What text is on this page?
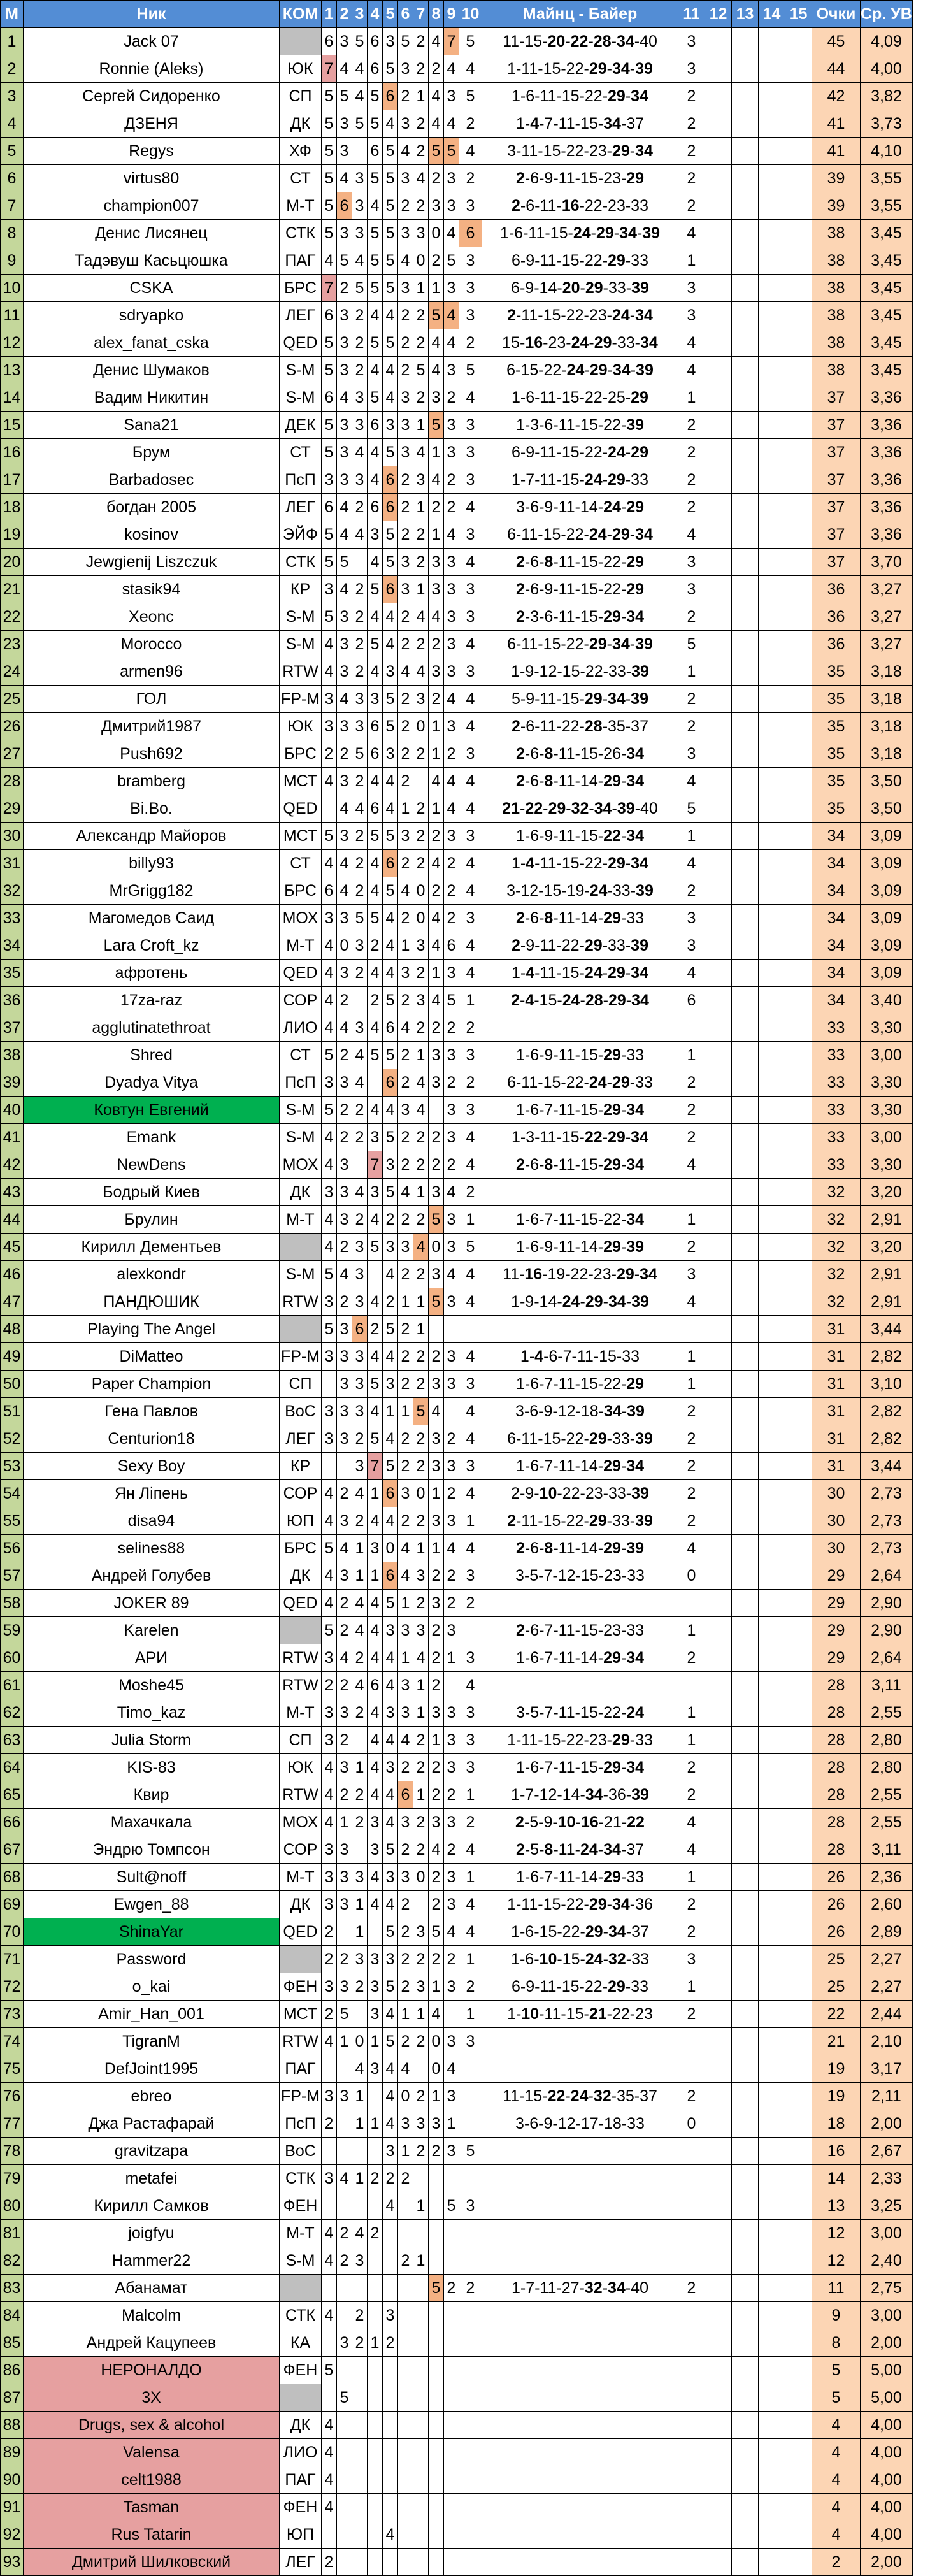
М	Ник	КОМ	1	2	3	4	5	6	7	8	9	10	Майнц - Байер	11	12	13	14	15	Очки	Ср. УВ
1	Jack 07		6	3	5	6	3	5	2	4	7	5	11-15-20-22-28-34-40	3					45	4,09
2	Ronnie (Aleks)	ЮК	7	4	4	6	5	3	2	2	4	4	1-11-15-22-29-34-39	3					44	4,00
3	Сергей Сидоренко	СП	5	5	4	5	6	2	1	4	3	5	1-6-11-15-22-29-34	2					42	3,82
4	ДЗЕНЯ	ДК	5	3	5	5	4	3	2	4	4	2	1-4-7-11-15-34-37	2					41	3,73
5	Regys	ХФ	5	3		6	5	4	2	5	5	4	3-11-15-22-23-29-34	2					41	4,10
6	virtus80	СТ	5	4	3	5	5	3	4	2	3	2	2-6-9-11-15-23-29	2					39	3,55
7	champion007	М-Т	5	6	3	4	5	2	2	3	3	3	2-6-11-16-22-23-33	2					39	3,55
8	Денис Лисянец	СТК	5	3	3	5	5	3	3	0	4	6	1-6-11-15-24-29-34-39	4					38	3,45
9	Тадэвуш Касьцюшка	ПАГ	4	5	4	5	5	4	0	2	5	3	6-9-11-15-22-29-33	1					38	3,45
10	CSKA	БРС	7	2	5	5	5	3	1	1	3	3	6-9-14-20-29-33-39	3					38	3,45
11	sdryapko	ЛЕГ	6	3	2	4	4	2	2	5	4	3	2-11-15-22-23-24-34	3					38	3,45
12	alex_fanat_cska	QED	5	3	2	5	5	2	2	4	4	2	15-16-23-24-29-33-34	4					38	3,45
13	Денис Шумаков	S-M	5	3	2	4	4	2	5	4	3	5	6-15-22-24-29-34-39	4					38	3,45
14	Вадим Никитин	S-M	6	4	3	5	4	3	2	3	2	4	1-6-11-15-22-25-29	1					37	3,36
15	Sana21	ДЕК	5	3	3	6	3	3	1	5	3	3	1-3-6-11-15-22-39	2					37	3,36
16	Брум	СТ	5	3	4	4	5	3	4	1	3	3	6-9-11-15-22-24-29	2					37	3,36
17	Barbadosec	ПсП	3	3	3	4	6	2	3	4	2	3	1-7-11-15-24-29-33	2					37	3,36
18	богдан 2005	ЛЕГ	6	4	2	6	6	2	1	2	2	4	3-6-9-11-14-24-29	2					37	3,36
19	kosinov	ЭЙФ	5	4	4	3	5	2	2	1	4	3	6-11-15-22-24-29-34	4					37	3,36
20	Jewgienij Liszczuk	СТК	5	5		4	5	3	2	3	3	4	2-6-8-11-15-22-29	3					37	3,70
21	stasik94	КР	3	4	2	5	6	3	1	3	3	3	2-6-9-11-15-22-29	3					36	3,27
22	Xeonc	S-M	5	3	2	4	4	2	4	4	3	3	2-3-6-11-15-29-34	2					36	3,27
23	Morocco	S-M	4	3	2	5	4	2	2	2	3	4	6-11-15-22-29-34-39	5					36	3,27
24	armen96	RTW	4	3	2	4	3	4	4	3	3	3	1-9-12-15-22-33-39	1					35	3,18
25	ГОЛ	FP-M	3	4	3	3	5	2	3	2	4	4	5-9-11-15-29-34-39	2					35	3,18
26	Дмитрий1987	ЮК	3	3	3	6	5	2	0	1	3	4	2-6-11-22-28-35-37	2					35	3,18
27	Push692	БРС	2	2	5	6	3	2	2	1	2	3	2-6-8-11-15-26-34	3					35	3,18
28	bramberg	МСТ	4	3	2	4	4	2		4	4	4	2-6-8-11-14-29-34	4					35	3,50
29	Bi.Bo.	QED		4	4	6	4	1	2	1	4	4	21-22-29-32-34-39-40	5					35	3,50
30	Александр Майоров	МСТ	5	3	2	5	5	3	2	2	3	3	1-6-9-11-15-22-34	1					34	3,09
31	billy93	СТ	4	4	2	4	6	2	2	4	2	4	1-4-11-15-22-29-34	4					34	3,09
32	MrGrigg182	БРС	6	4	2	4	5	4	0	2	2	4	3-12-15-19-24-33-39	2					34	3,09
33	Магомедов Саид	МОХ	3	3	5	5	4	2	0	4	2	3	2-6-8-11-14-29-33	3					34	3,09
34	Lara Croft_kz	М-Т	4	0	3	2	4	1	3	4	6	4	2-9-11-22-29-33-39	3					34	3,09
35	афротень	QED	4	3	2	4	4	3	2	1	3	4	1-4-11-15-24-29-34	4					34	3,09
36	17za-raz	СОР	4	2		2	5	2	3	4	5	1	2-4-15-24-28-29-34	6					34	3,40
37	agglutinatethroat	ЛИО	4	4	3	4	6	4	2	2	2	2							33	3,30
38	Shred	СТ	5	2	4	5	5	2	1	3	3	3	1-6-9-11-15-29-33	1					33	3,00
39	Dyadya Vitya	ПсП	3	3	4		6	2	4	3	2	2	6-11-15-22-24-29-33	2					33	3,30
40	Ковтун Евгений	S-M	5	2	2	4	4	3	4		3	3	1-6-7-11-15-29-34	2					33	3,30
41	Emank	S-M	4	2	2	3	5	2	2	2	3	4	1-3-11-15-22-29-34	2					33	3,00
42	NewDens	МОХ	4	3		7	3	2	2	2	2	4	2-6-8-11-15-29-34	4					33	3,30
43	Бодрый Киев	ДК	3	3	4	3	5	4	1	3	4	2							32	3,20
44	Брулин	М-Т	4	3	2	4	2	2	2	5	3	1	1-6-7-11-15-22-34	1					32	2,91
45	Кирилл Дементьев		4	2	3	5	3	3	4	0	3	5	1-6-9-11-14-29-39	2					32	3,20
46	alexkondr	S-M	5	4	3		4	2	2	3	4	4	11-16-19-22-23-29-34	3					32	2,91
47	ПАНДЮШИК	RTW	3	2	3	4	2	1	1	5	3	4	1-9-14-24-29-34-39	4					32	2,91
48	Playing The Angel		5	3	6	2	5	2	1										31	3,44
49	DiMatteo	FP-M	3	3	3	4	4	2	2	2	3	4	1-4-6-7-11-15-33	1					31	2,82
50	Paper Champion	СП		3	3	5	3	2	2	3	3	3	1-6-7-11-15-22-29	1					31	3,10
51	Гена Павлов	BoC	3	3	3	4	1	1	5	4		4	3-6-9-12-18-34-39	2					31	2,82
52	Centurion18	ЛЕГ	3	3	2	5	4	2	2	3	2	4	6-11-15-22-29-33-39	2					31	2,82
53	Sexy Boy	КР			3	7	5	2	2	3	3	3	1-6-7-11-14-29-34	2					31	3,44
54	Ян Ліпень	СОР	4	2	4	1	6	3	0	1	2	4	2-9-10-22-23-33-39	2					30	2,73
55	disa94	ЮП	4	3	2	4	4	2	2	3	3	1	2-11-15-22-29-33-39	2					30	2,73
56	selines88	БРС	5	4	1	3	0	4	1	1	4	4	2-6-8-11-14-29-39	4					30	2,73
57	Андрей Голубев	ДК	4	3	1	1	6	4	3	2	2	3	3-5-7-12-15-23-33	0					29	2,64
58	JOKER 89	QED	4	2	4	4	5	1	2	3	2	2							29	2,90
59	Karelen		5	2	4	4	3	3	3	2	3		2-6-7-11-15-23-33	1					29	2,90
60	АРИ	RTW	3	4	2	4	4	1	4	2	1	3	1-6-7-11-14-29-34	2					29	2,64
61	Moshe45	RTW	2	2	4	6	4	3	1	2		4							28	3,11
62	Timo_kaz	М-Т	3	3	2	4	3	3	1	3	3	3	3-5-7-11-15-22-24	1					28	2,55
63	Julia Storm	СП	3	2		4	4	4	2	1	3	3	1-11-15-22-23-29-33	1					28	2,80
64	KIS-83	ЮК	4	3	1	4	3	2	2	2	3	3	1-6-7-11-15-29-34	2					28	2,80
65	Квир	RTW	4	2	2	4	4	6	1	2	2	1	1-7-12-14-34-36-39	2					28	2,55
66	Махачкала	МОХ	4	1	2	3	4	3	2	3	3	2	2-5-9-10-16-21-22	4					28	2,55
67	Эндрю Томпсон	СОР	3	3		3	5	2	2	4	2	4	2-5-8-11-24-34-37	4					28	3,11
68	Sult@noff	М-Т	3	3	3	4	3	3	0	2	3	1	1-6-7-11-14-29-33	1					26	2,36
69	Ewgen_88	ДК	3	3	1	4	4	2		2	3	4	1-11-15-22-29-34-36	2					26	2,60
70	ShinaYar	QED	2		1		5	2	3	5	4	4	1-6-15-22-29-34-37	2					26	2,89
71	Password		2	2	3	3	3	2	2	2	2	1	1-6-10-15-24-32-33	3					25	2,27
72	o_kai	ФЕН	3	3	2	3	5	2	3	1	3	2	6-9-11-15-22-29-33	1					25	2,27
73	Amir_Han_001	МСТ	2	5		3	4	1	1	4		1	1-10-11-15-21-22-23	2					22	2,44
74	TigranM	RTW	4	1	0	1	5	2	2	0	3	3							21	2,10
75	DefJoint1995	ПАГ			4	3	4	4		0	4								19	3,17
76	ebreo	FP-M	3	3	1		4	0	2	1	3		11-15-22-24-32-35-37	2					19	2,11
77	Джа Растафарай	ПсП	2		1	1	4	3	3	3	1		3-6-9-12-17-18-33	0					18	2,00
78	gravitzapa	BoC					3	1	2	2	3	5							16	2,67
79	metafei	СТК	3	4	1	2	2	2											14	2,33
80	Кирилл Самков	ФЕН					4		1		5	3							13	3,25
81	joigfyu	М-Т	4	2	4	2													12	3,00
82	Hammer22	S-M	4	2	3			2	1										12	2,40
83	Абанамат									5	2	2	1-7-11-27-32-34-40	2					11	2,75
84	Malcolm	СТК	4		2		3												9	3,00
85	Андрей Кацупеев	КА		3	2	1	2												8	2,00
86	НЕРОНАЛДО	ФЕН	5																5	5,00
87	3X			5															5	5,00
88	Drugs, sex & alcohol	ДК	4																4	4,00
89	Valensa	ЛИО	4																4	4,00
90	celt1988	ПАГ	4																4	4,00
91	Tasman	ФЕН	4																4	4,00
92	Rus Tatarin	ЮП					4												4	4,00
93	Дмитрий Шилковский	ЛЕГ	2																2	2,00
